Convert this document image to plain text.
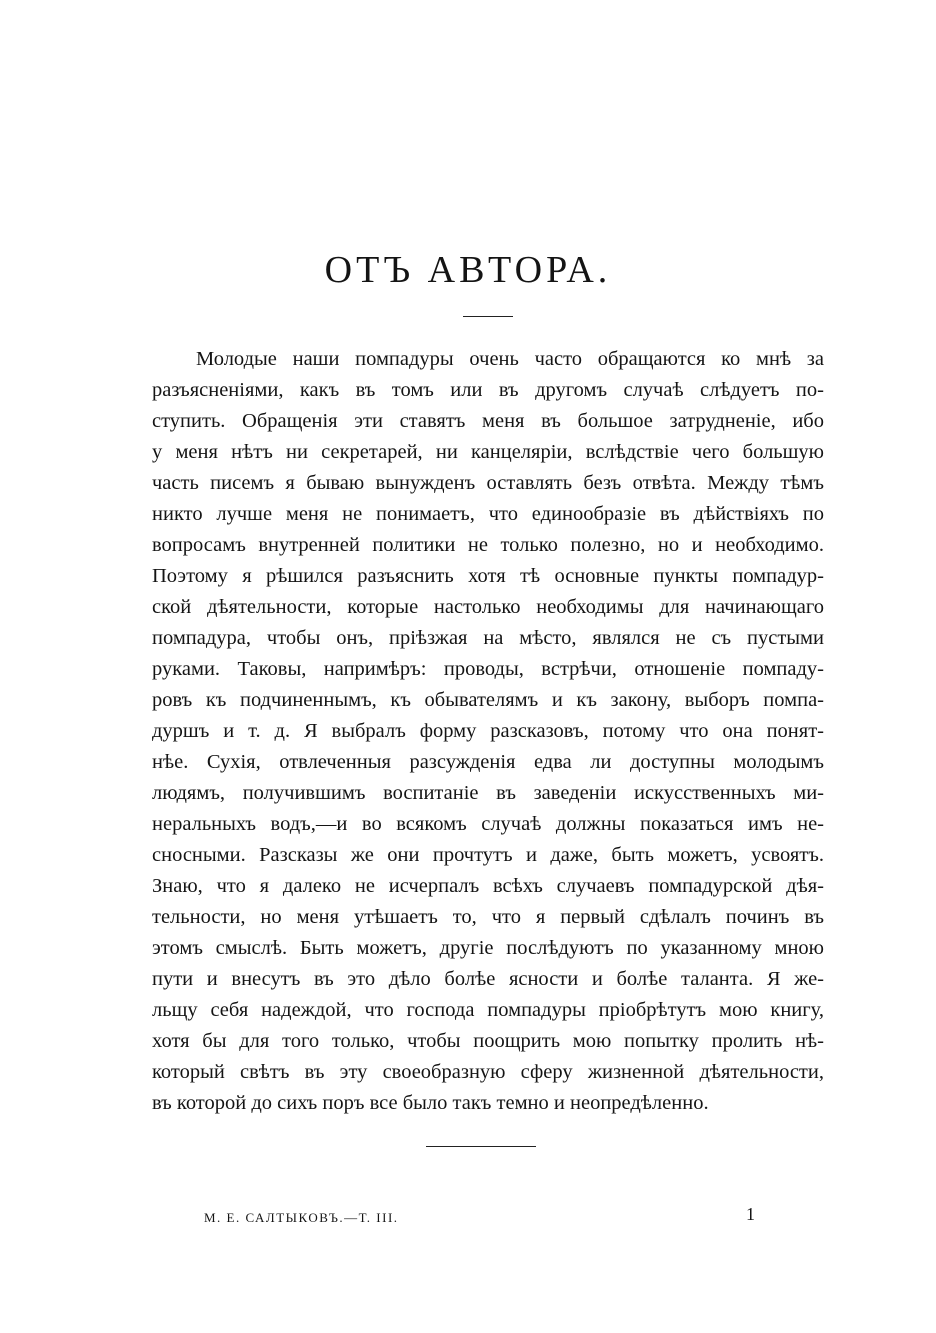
ОТЪ АВТОРА.
Молодые наши помпадуры очень часто обращаются ко мнѣ за
разъясненіями, какъ въ томъ или въ другомъ случаѣ слѣдуетъ по-
ступить. Обращенія эти ставятъ меня въ большое затрудненіе, ибо
у меня нѣтъ ни секретарей, ни канцеляріи, вслѣдствіе чего большую
часть писемъ я бываю вынужденъ оставлять безъ отвѣта. Между тѣмъ
никто лучше меня не понимаетъ, что единообразіе въ дѣйствіяхъ по
вопросамъ внутренней политики не только полезно, но и необходимо.
Поэтому я рѣшился разъяснить хотя тѣ основные пункты помпадур-
ской дѣятельности, которые настолько необходимы для начинающаго
помпадура, чтобы онъ, пріѣзжая на мѣсто, являлся не съ пустыми
руками. Таковы, напримѣръ: проводы, встрѣчи, отношеніе помпаду-
ровъ къ подчиненнымъ, къ обывателямъ и къ закону, выборъ помпа-
дуршъ и т. д. Я выбралъ форму разсказовъ, потому что она понят-
нѣе. Сухія, отвлеченныя разсужденія едва ли доступны молодымъ
людямъ, получившимъ воспитаніе въ заведеніи искусственныхъ ми-
неральныхъ водъ,—и во всякомъ случаѣ должны показаться имъ не-
сносными. Разсказы же они прочтутъ и даже, быть можетъ, усвоятъ.
Знаю, что я далеко не исчерпалъ всѣхъ случаевъ помпадурской дѣя-
тельности, но меня утѣшаетъ то, что я первый сдѣлалъ починъ въ
этомъ смыслѣ. Быть можетъ, другіе послѣдуютъ по указанному мною
пути и внесутъ въ это дѣло болѣе ясности и болѣе таланта. Я же-
льщу себя надеждой, что господа помпадуры пріобрѣтутъ мою книгу,
хотя бы для того только, чтобы поощрить мою попытку пролить нѣ-
который свѣтъ въ эту своеобразную сферу жизненной дѣятельности,
въ которой до сихъ поръ все было такъ темно и неопредѣленно.
М. Е. САЛТЫКОВЪ.—Т. III.	1
